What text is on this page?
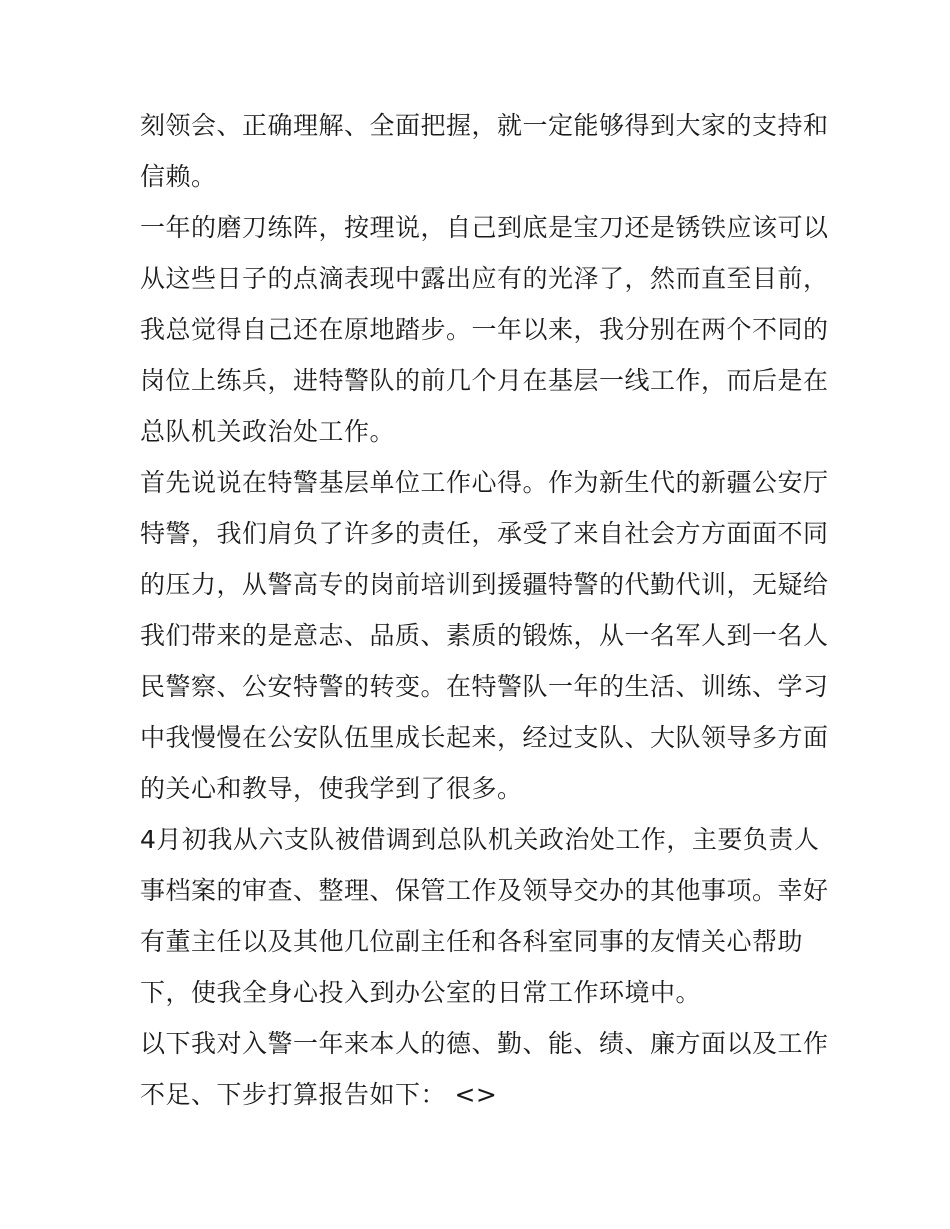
刻领会、正确理解、全面把握，就一定能够得到大家的支持和
信赖。
一年的磨刀练阵，按理说，自己到底是宝刀还是锈铁应该可以
从这些日子的点滴表现中露出应有的光泽了，然而直至目前，
我总觉得自己还在原地踏步。一年以来，我分别在两个不同的
岗位上练兵，进特警队的前几个月在基层一线工作，而后是在
总队机关政治处工作。
首先说说在特警基层单位工作心得。作为新生代的新疆公安厅
特警，我们肩负了许多的责任，承受了来自社会方方面面不同
的压力，从警高专的岗前培训到援疆特警的代勤代训，无疑给
我们带来的是意志、品质、素质的锻炼，从一名军人到一名人
民警察、公安特警的转变。在特警队一年的生活、训练、学习
中我慢慢在公安队伍里成长起来，经过支队、大队领导多方面
的关心和教导，使我学到了很多。
4月初我从六支队被借调到总队机关政治处工作，主要负责人
事档案的审查、整理、保管工作及领导交办的其他事项。幸好
有董主任以及其他几位副主任和各科室同事的友情关心帮助
下，使我全身心投入到办公室的日常工作环境中。
以下我对入警一年来本人的德、勤、能、绩、廉方面以及工作
不足、下步打算报告如下： <>
